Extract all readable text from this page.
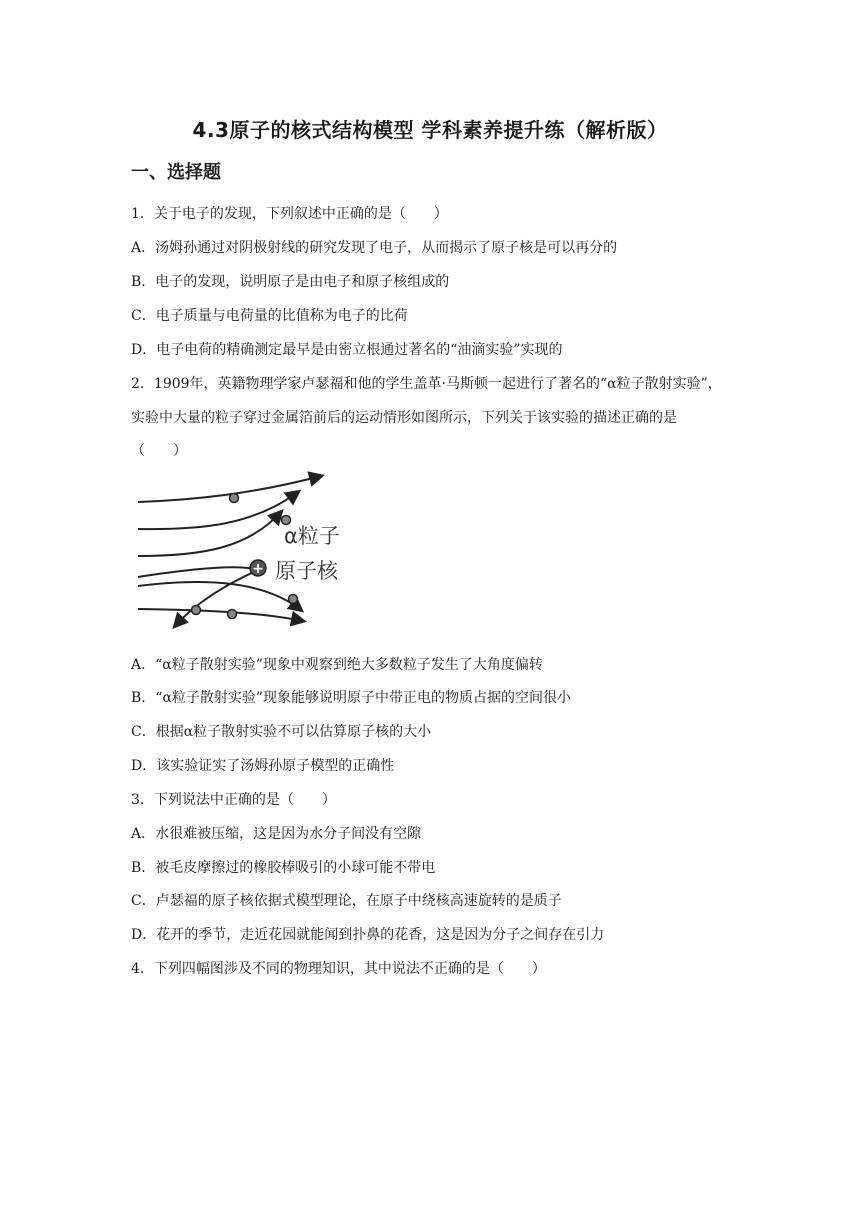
4.3原子的核式结构模型 学科素养提升练（解析版）
一、选择题
1．关于电子的发现，下列叙述中正确的是（　　）
A．汤姆孙通过对阴极射线的研究发现了电子，从而揭示了原子核是可以再分的
B．电子的发现，说明原子是由电子和原子核组成的
C．电子质量与电荷量的比值称为电子的比荷
D．电子电荷的精确测定最早是由密立根通过著名的“油滴实验”实现的
2．1909年，英籍物理学家卢瑟福和他的学生盖革·马斯顿一起进行了著名的“α粒子散射实验”，
实验中大量的粒子穿过金属箔前后的运动情形如图所示，下列关于该实验的描述正确的是
（　　）
+
α粒子
原子核
A．“α粒子散射实验”现象中观察到绝大多数粒子发生了大角度偏转
B．“α粒子散射实验”现象能够说明原子中带正电的物质占据的空间很小
C．根据α粒子散射实验不可以估算原子核的大小
D．该实验证实了汤姆孙原子模型的正确性
3．下列说法中正确的是（　　）
A．水很难被压缩，这是因为水分子间没有空隙
B．被毛皮摩擦过的橡胶棒吸引的小球可能不带电
C．卢瑟福的原子核依据式模型理论，在原子中绕核高速旋转的是质子
D．花开的季节，走近花园就能闻到扑鼻的花香，这是因为分子之间存在引力
4．下列四幅图涉及不同的物理知识，其中说法不正确的是（　　）
